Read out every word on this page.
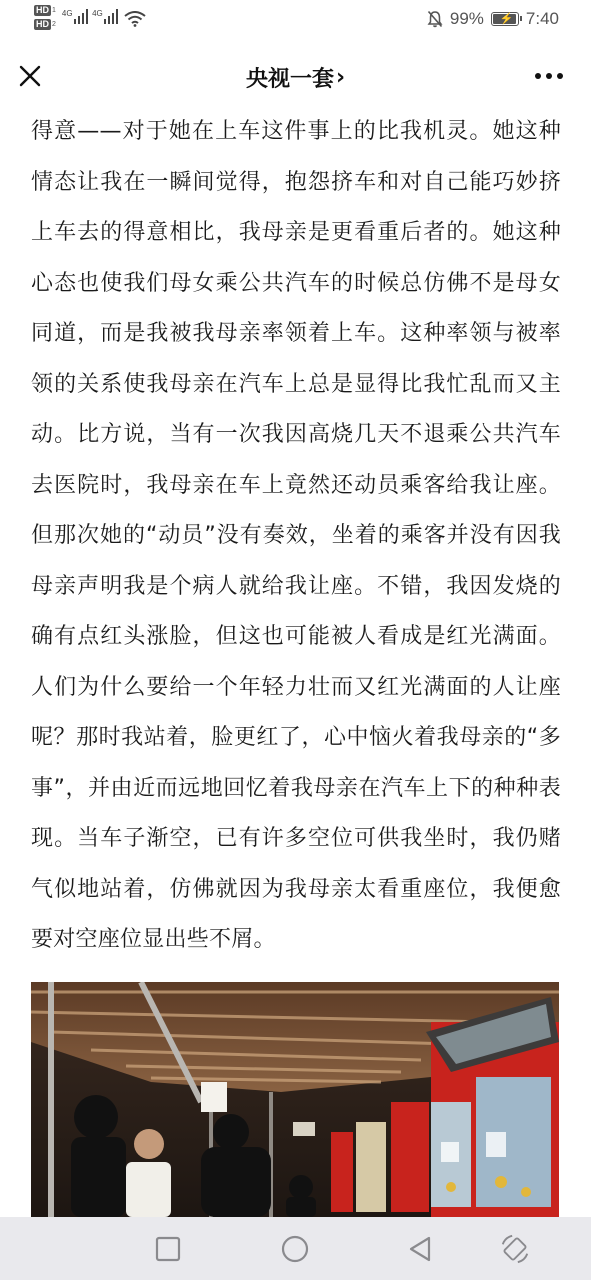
HD 1
HD 2
4G 4G	99% ⚡ 7:40
央视一套 ›

得意——对于她在上车这件事上的比我机灵。她这种情态让我在一瞬间觉得，抱怨挤车和对自己能巧妙挤上车去的得意相比，我母亲是更看重后者的。她这种心态也使我们母女乘公共汽车的时候总仿佛不是母女同道，而是我被我母亲率领着上车。这种率领与被率领的关系使我母亲在汽车上总是显得比我忙乱而又主动。比方说，当有一次我因高烧几天不退乘公共汽车去医院时，我母亲在车上竟然还动员乘客给我让座。但那次她的“动员”没有奏效，坐着的乘客并没有因我母亲声明我是个病人就给我让座。不错，我因发烧的确有点红头涨脸，但这也可能被人看成是红光满面。人们为什么要给一个年轻力壮而又红光满面的人让座呢？那时我站着，脸更红了，心中恼火着我母亲的“多事”，并由近而远地回忆着我母亲在汽车上下的种种表现。当车子渐空，已有许多空位可供我坐时，我仍赌气似地站着，仿佛就因为我母亲太看重座位，我便愈要对空座位显出些不屑。
